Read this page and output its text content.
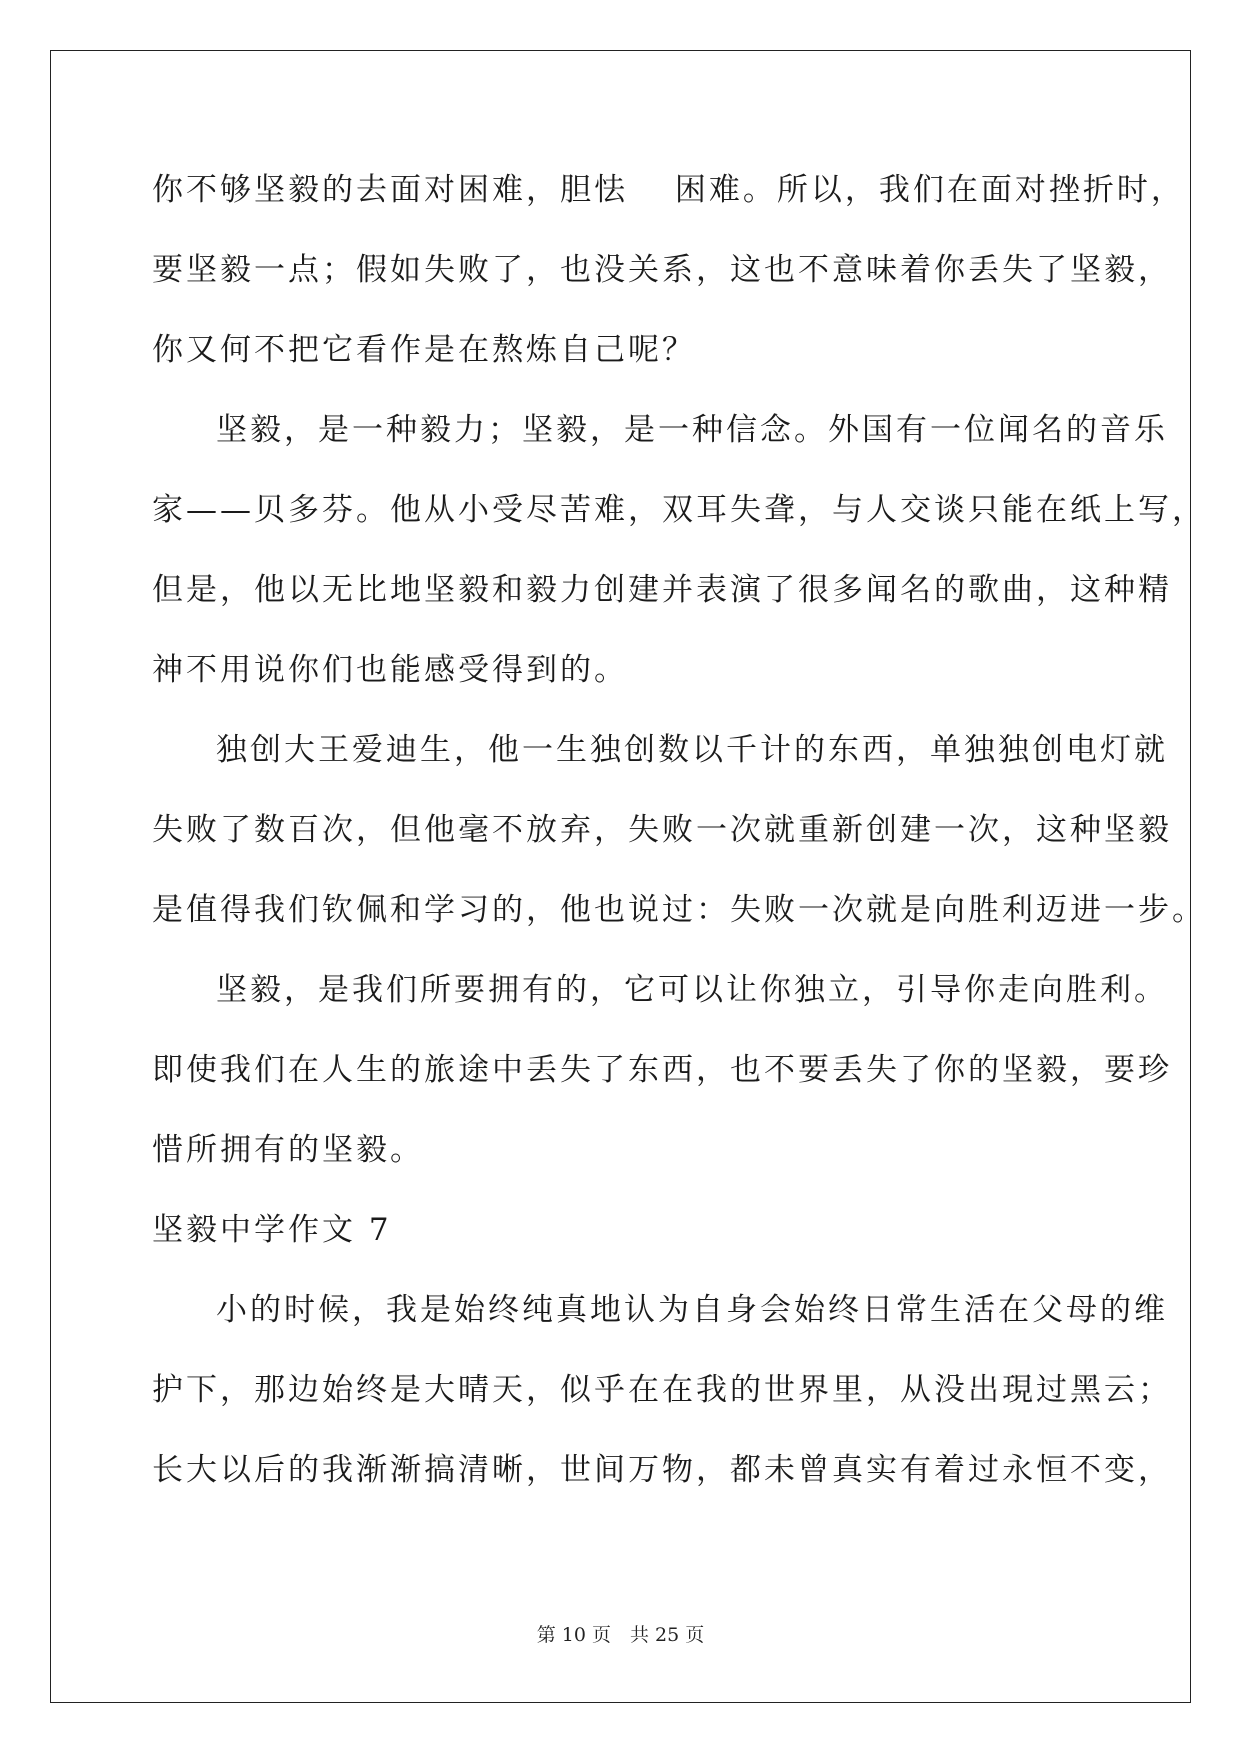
你不够坚毅的去面对困难，胆怯　 困难。所以，我们在面对挫折时，
要坚毅一点；假如失败了，也没关系，这也不意味着你丢失了坚毅，
你又何不把它看作是在熬炼自己呢？
坚毅，是一种毅力；坚毅，是一种信念。外国有一位闻名的音乐
家——贝多芬。他从小受尽苦难，双耳失聋，与人交谈只能在纸上写，
但是，他以无比地坚毅和毅力创建并表演了很多闻名的歌曲，这种精
神不用说你们也能感受得到的。
独创大王爱迪生，他一生独创数以千计的东西，单独独创电灯就
失败了数百次，但他毫不放弃，失败一次就重新创建一次，这种坚毅
是值得我们钦佩和学习的，他也说过：失败一次就是向胜利迈进一步。
坚毅，是我们所要拥有的，它可以让你独立，引导你走向胜利。
即使我们在人生的旅途中丢失了东西，也不要丢失了你的坚毅，要珍
惜所拥有的坚毅。
坚毅中学作文 7
小的时候，我是始终纯真地认为自身会始终日常生活在父母的维
护下，那边始终是大晴天，似乎在在我的世界里，从没出現过黑云；
长大以后的我渐渐搞清晰，世间万物，都未曾真实有着过永恒不变，
第 10 页　共 25 页
